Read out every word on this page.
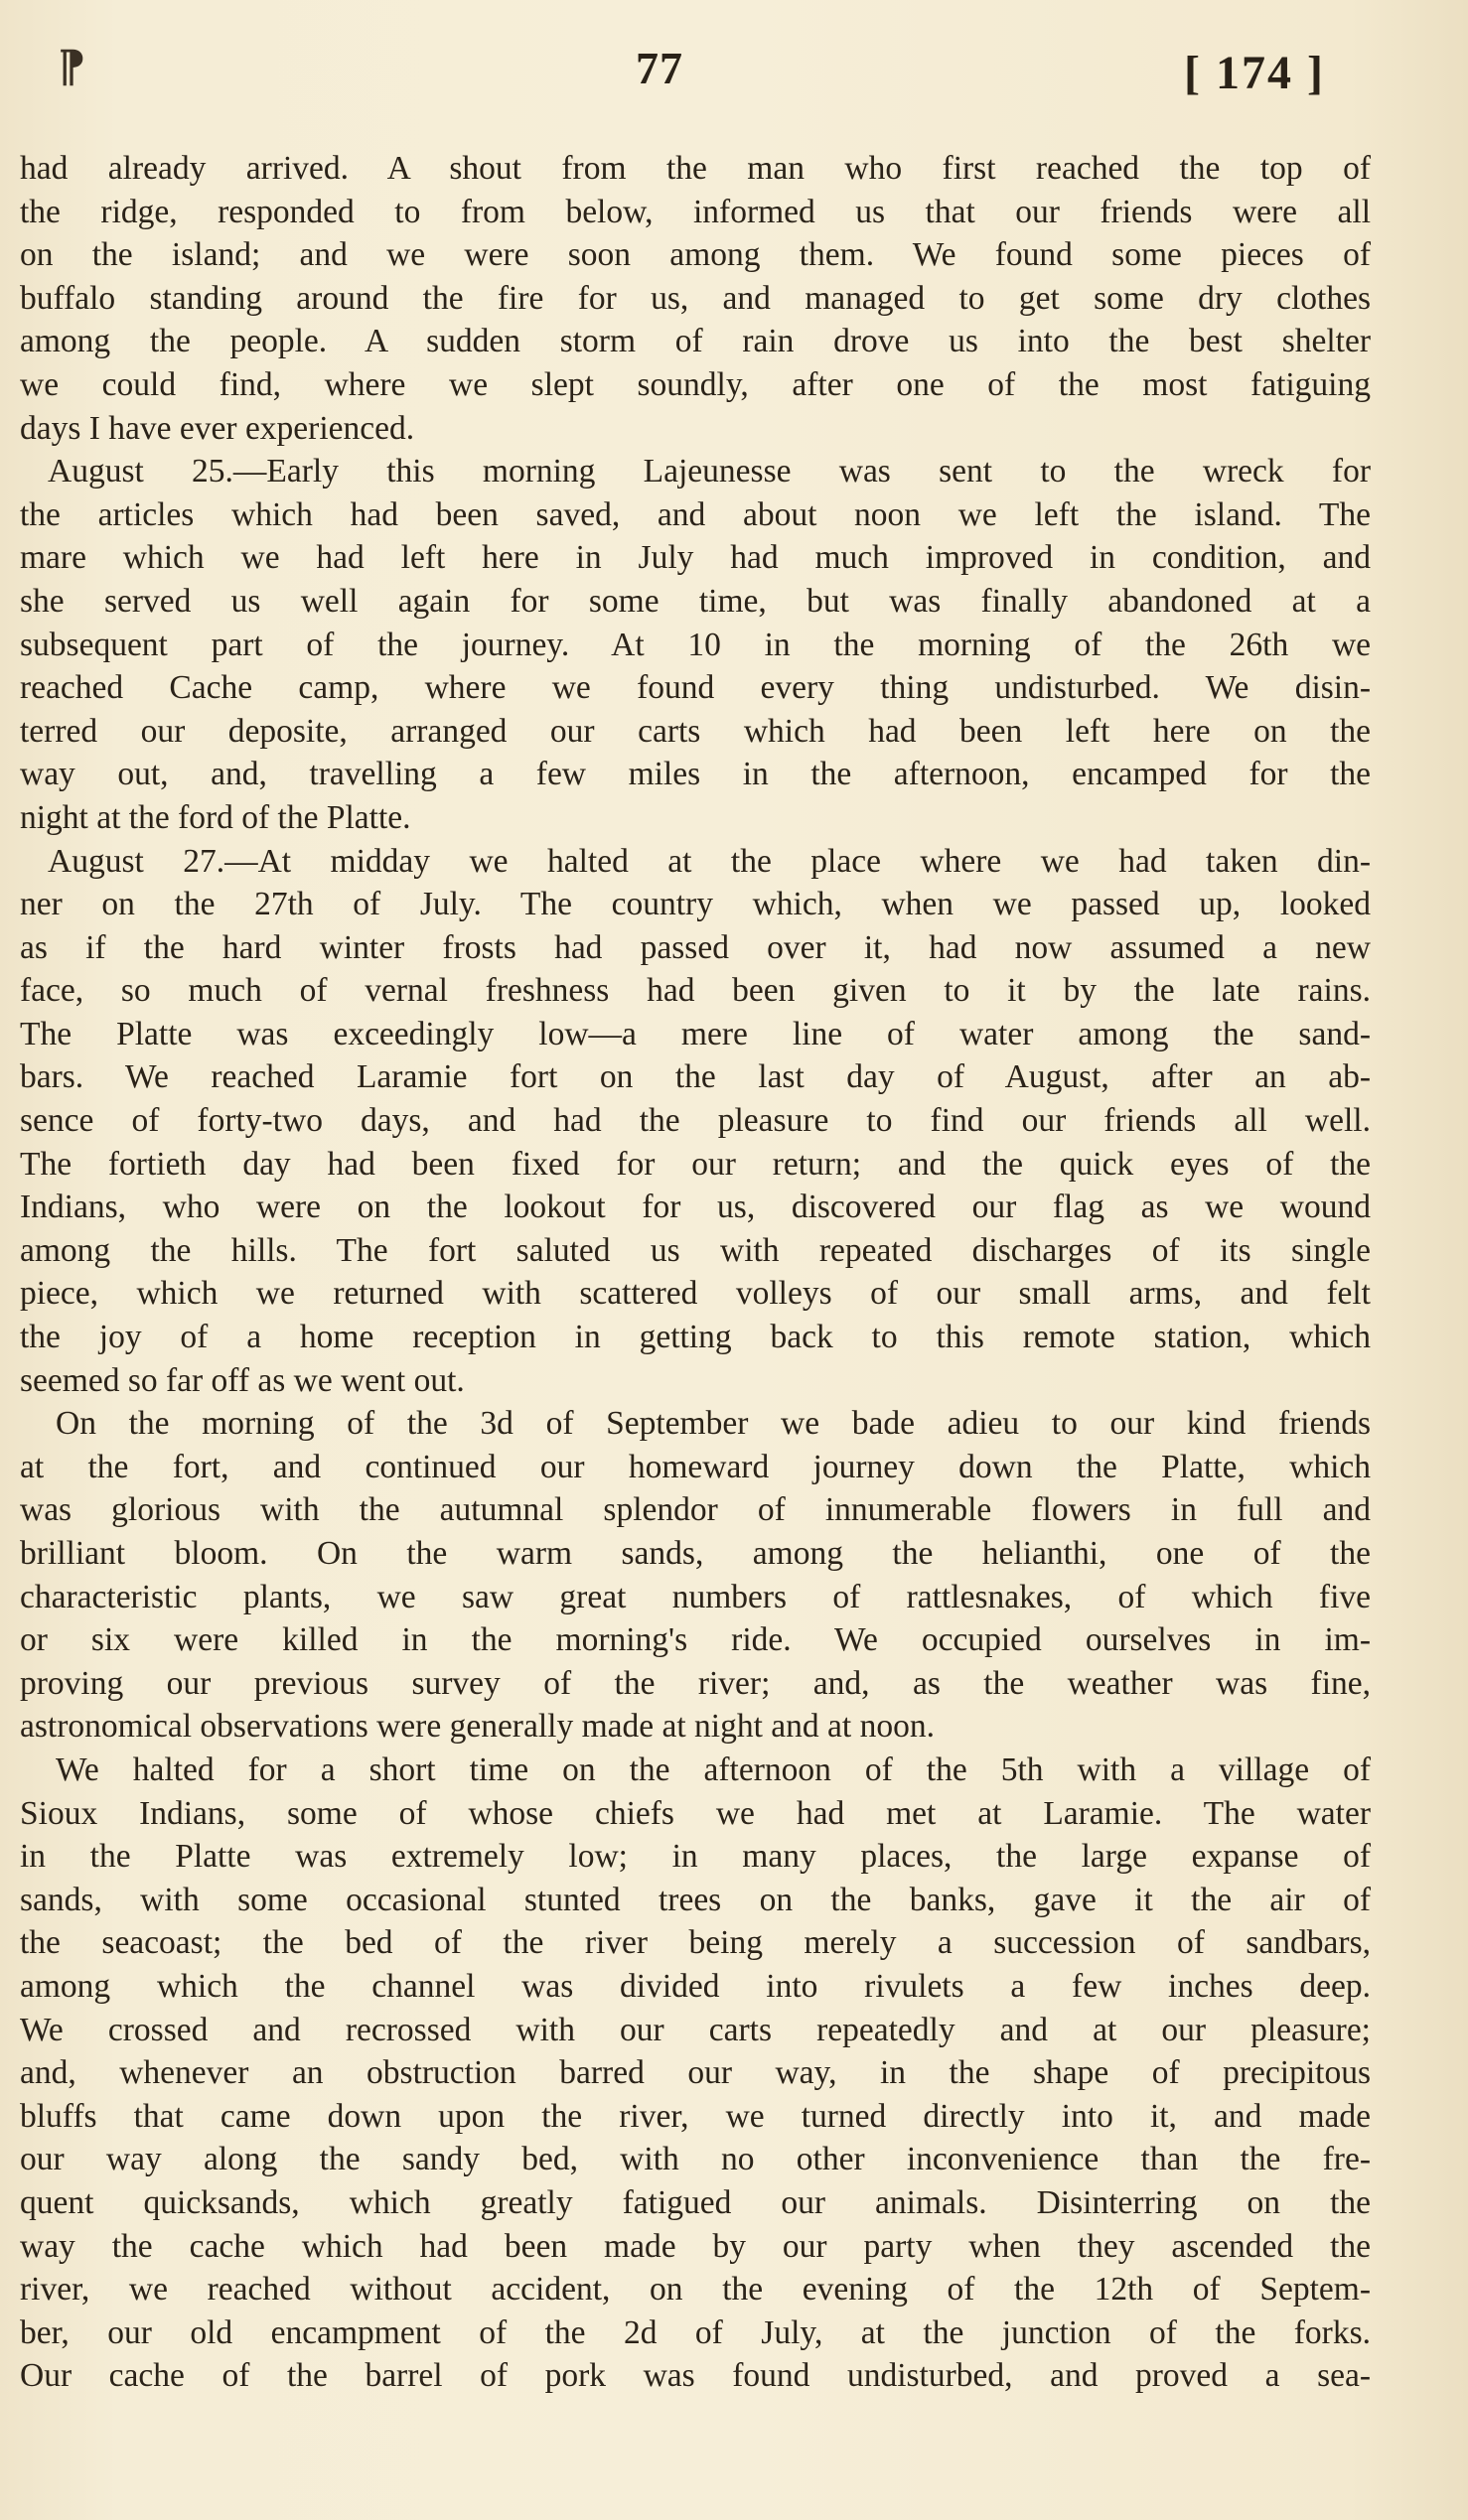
⁋	77	[ 174 ]
had already arrived. A shout from the man who first reached the top of
the ridge, responded to from below, informed us that our friends were all
on the island; and we were soon among them. We found some pieces of
buffalo standing around the fire for us, and managed to get some dry clothes
among the people. A sudden storm of rain drove us into the best shelter
we could find, where we slept soundly, after one of the most fatiguing
days I have ever experienced.
August 25.—Early this morning Lajeunesse was sent to the wreck for
the articles which had been saved, and about noon we left the island. The
mare which we had left here in July had much improved in condition, and
she served us well again for some time, but was finally abandoned at a
subsequent part of the journey. At 10 in the morning of the 26th we
reached Cache camp, where we found every thing undisturbed. We disin-
terred our deposite, arranged our carts which had been left here on the
way out, and, travelling a few miles in the afternoon, encamped for the
night at the ford of the Platte.
August 27.—At midday we halted at the place where we had taken din-
ner on the 27th of July. The country which, when we passed up, looked
as if the hard winter frosts had passed over it, had now assumed a new
face, so much of vernal freshness had been given to it by the late rains.
The Platte was exceedingly low—a mere line of water among the sand-
bars. We reached Laramie fort on the last day of August, after an ab-
sence of forty-two days, and had the pleasure to find our friends all well.
The fortieth day had been fixed for our return; and the quick eyes of the
Indians, who were on the lookout for us, discovered our flag as we wound
among the hills. The fort saluted us with repeated discharges of its single
piece, which we returned with scattered volleys of our small arms, and felt
the joy of a home reception in getting back to this remote station, which
seemed so far off as we went out.
On the morning of the 3d of September we bade adieu to our kind friends
at the fort, and continued our homeward journey down the Platte, which
was glorious with the autumnal splendor of innumerable flowers in full and
brilliant bloom. On the warm sands, among the helianthi, one of the
characteristic plants, we saw great numbers of rattlesnakes, of which five
or six were killed in the morning's ride. We occupied ourselves in im-
proving our previous survey of the river; and, as the weather was fine,
astronomical observations were generally made at night and at noon.
We halted for a short time on the afternoon of the 5th with a village of
Sioux Indians, some of whose chiefs we had met at Laramie. The water
in the Platte was extremely low; in many places, the large expanse of
sands, with some occasional stunted trees on the banks, gave it the air of
the seacoast; the bed of the river being merely a succession of sandbars,
among which the channel was divided into rivulets a few inches deep.
We crossed and recrossed with our carts repeatedly and at our pleasure;
and, whenever an obstruction barred our way, in the shape of precipitous
bluffs that came down upon the river, we turned directly into it, and made
our way along the sandy bed, with no other inconvenience than the fre-
quent quicksands, which greatly fatigued our animals. Disinterring on the
way the cache which had been made by our party when they ascended the
river, we reached without accident, on the evening of the 12th of Septem-
ber, our old encampment of the 2d of July, at the junction of the forks.
Our cache of the barrel of pork was found undisturbed, and proved a sea-
